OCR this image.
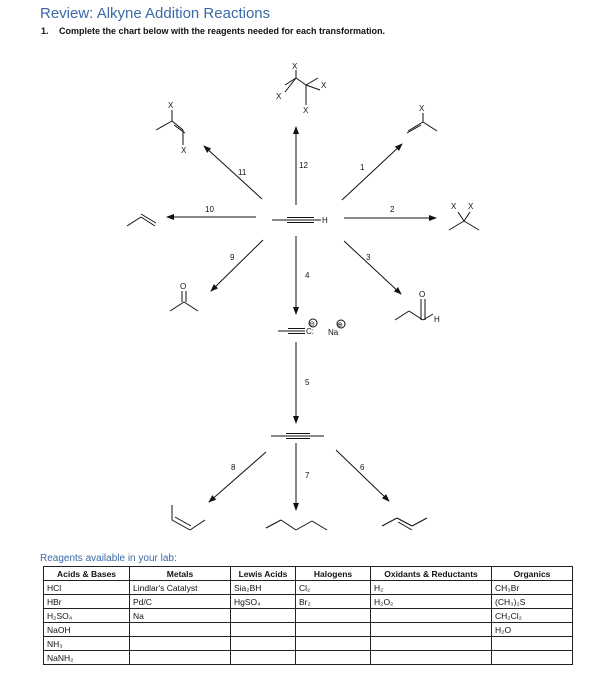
Review: Alkyne Addition Reactions
1. Complete the chart below with the reagents needed for each transformation.
H
12	1
2
3
4
9
10
11
5
7
6
8
X
X
X
X
X
X
X
X X
O
O
H
C:
⊖
Na
⊕
Reagents available in your lab:
Acids & Bases	Metals	Lewis Acids	Halogens	Oxidants & Reductants	Organics
HCl	Lindlar's Catalyst	Sia₂BH	Cl₂	H₂	CH₃Br
HBr	Pd/C	HgSO₄	Br₂	H₂O₂	(CH₃)₂S
H₂SO₄	Na				CH₂Cl₂
NaOH					H₂O
NH₃					
NaNH₂					
